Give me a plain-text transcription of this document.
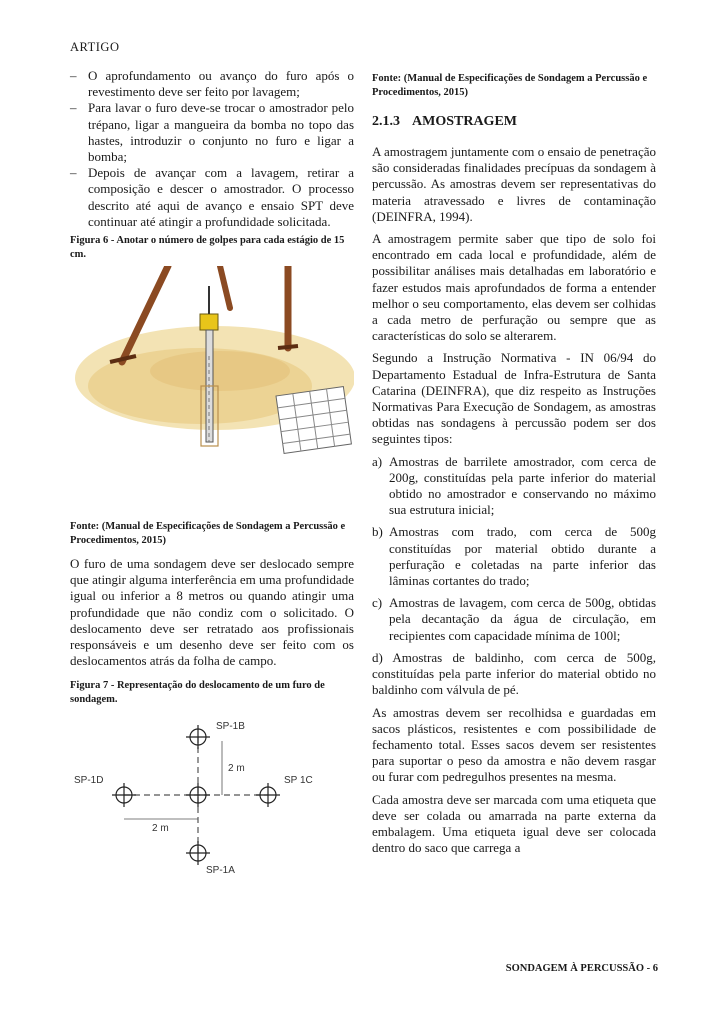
ARTIGO
– O aprofundamento ou avanço do furo após o revestimento deve ser feito por lavagem;
– Para lavar o furo deve-se trocar o amostrador pelo trépano, ligar a mangueira da bomba no topo das hastes, introduzir o conjunto no furo e ligar a bomba;
– Depois de avançar com a lavagem, retirar a composição e descer o amostrador. O processo descrito até aqui de avanço e ensaio SPT deve continuar até atingir a profundidade solicitada.
Figura 6 - Anotar o número de golpes para cada estágio de 15 cm.
Fonte: (Manual de Especificações de Sondagem a Percussão e Procedimentos, 2015)

O furo de uma sondagem deve ser deslocado sempre que atingir alguma interferência em uma profundidade igual ou inferior a 8 metros ou quando atingir uma profundidade que não condiz com o solicitado. O deslocamento deve ser retratado aos profissionais responsáveis e um desenho deve ser feito com os deslocamentos atrás da folha de campo.

Figura 7 - Representação do deslocamento de um furo de sondagem.
2 m
2 m
SP-1B
SP-1D	SP 1C
SP-1A
Fonte: (Manual de Especificações de Sondagem a Percussão e Procedimentos, 2015)
2.1.3 AMOSTRAGEM

A amostragem juntamente com o ensaio de penetração são consideradas finalidades precípuas da sondagem à percussão. As amostras devem ser representativas do materia atravessado e livres de contaminação (DEINFRA, 1994).

A amostragem permite saber que tipo de solo foi encontrado em cada local e profundidade, além de possibilitar análises mais detalhadas em laboratório e fazer estudos mais aprofundados de forma a entender melhor o seu comportamento, elas devem ser colhidas a cada metro de perfuração ou sempre que as características do solo se alterarem.

Segundo a Instrução Normativa - IN 06/94 do Departamento Estadual de Infra-Estrutura de Santa Catarina (DEINFRA), que diz respeito as Instruções Normativas Para Execução de Sondagem, as amostras obtidas nas sondagens à percussão podem ser dos seguintes tipos:

a) Amostras de barrilete amostrador, com cerca de 200g, constituídas pela parte inferior do material obtido no amostrador e conservando no máximo sua estrutura inicial;
b) Amostras com trado, com cerca de 500g constituídas por material obtido durante a perfuração e coletadas na parte inferior das lâminas cortantes do trado;
c) Amostras de lavagem, com cerca de 500g, obtidas pela decantação da água de circulação, em recipientes com capacidade mínima de 100l;
d) Amostras de baldinho, com cerca de 500g, constituídas pela parte inferior do material obtido no baldinho com válvula de pé.

As amostras devem ser recolhidsa e guardadas em sacos plásticos, resistentes e com possibilidade de fechamento total. Esses sacos devem ser resistentes para suportar o peso da amostra e não devem rasgar ou furar com pedregulhos presentes na mesma.

Cada amostra deve ser marcada com uma etiqueta que deve ser colada ou amarrada na parte externa da embalagem. Uma etiqueta igual deve ser colocada dentro do saco que carrega a

SONDAGEM À PERCUSSÃO - 6
